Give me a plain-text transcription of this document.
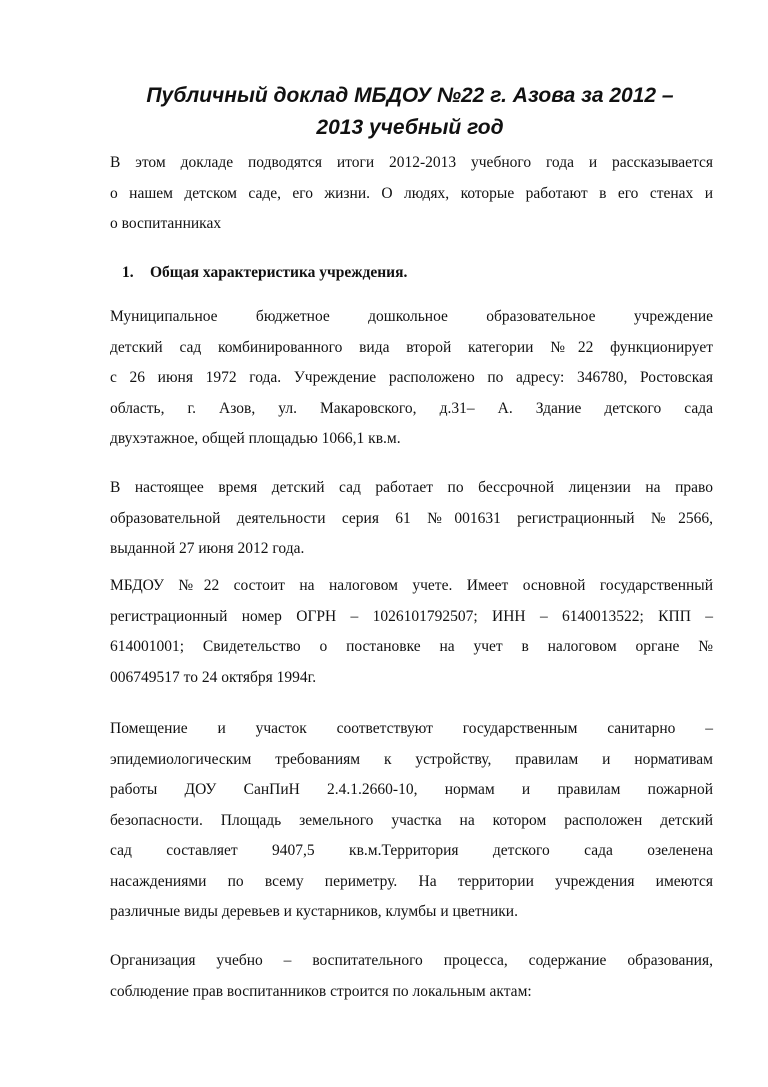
Публичный доклад МБДОУ №22 г. Азова за 2012 –
2013 учебный год

В этом докладе подводятся итоги 2012-2013 учебного года и рассказывается
о нашем детском саде, его жизни. О людях, которые работают в его стенах и
о воспитанниках

1. Общая характеристика учреждения.

Муниципальное бюджетное дошкольное образовательное учреждение
детский сад комбинированного вида второй категории №22 функционирует
с 26 июня 1972 года. Учреждение расположено по адресу: 346780, Ростовская
область, г. Азов, ул. Макаровского, д.31– А. Здание детского сада
двухэтажное, общей площадью 1066,1 кв.м.

В настоящее время детский сад работает по бессрочной лицензии на право
образовательной деятельности серия 61 №001631 регистрационный №2566,
выданной 27 июня 2012 года.

МБДОУ №22 состоит на налоговом учете. Имеет основной государственный
регистрационный номер ОГРН – 1026101792507; ИНН – 6140013522; КПП –
614001001; Свидетельство о постановке на учет в налоговом органе №
006749517 то 24 октября 1994г.

Помещение и участок соответствуют государственным санитарно –
эпидемиологическим требованиям к устройству, правилам и нормативам
работы ДОУ СанПиН 2.4.1.2660-10, нормам и правилам пожарной
безопасности. Площадь земельного участка на котором расположен детский
сад составляет 9407,5 кв.м.Территория детского сада озеленена
насаждениями по всему периметру. На территории учреждения имеются
различные виды деревьев и кустарников, клумбы и цветники.

Организация учебно – воспитательного процесса, содержание образования,
соблюдение прав воспитанников строится по локальным актам:
